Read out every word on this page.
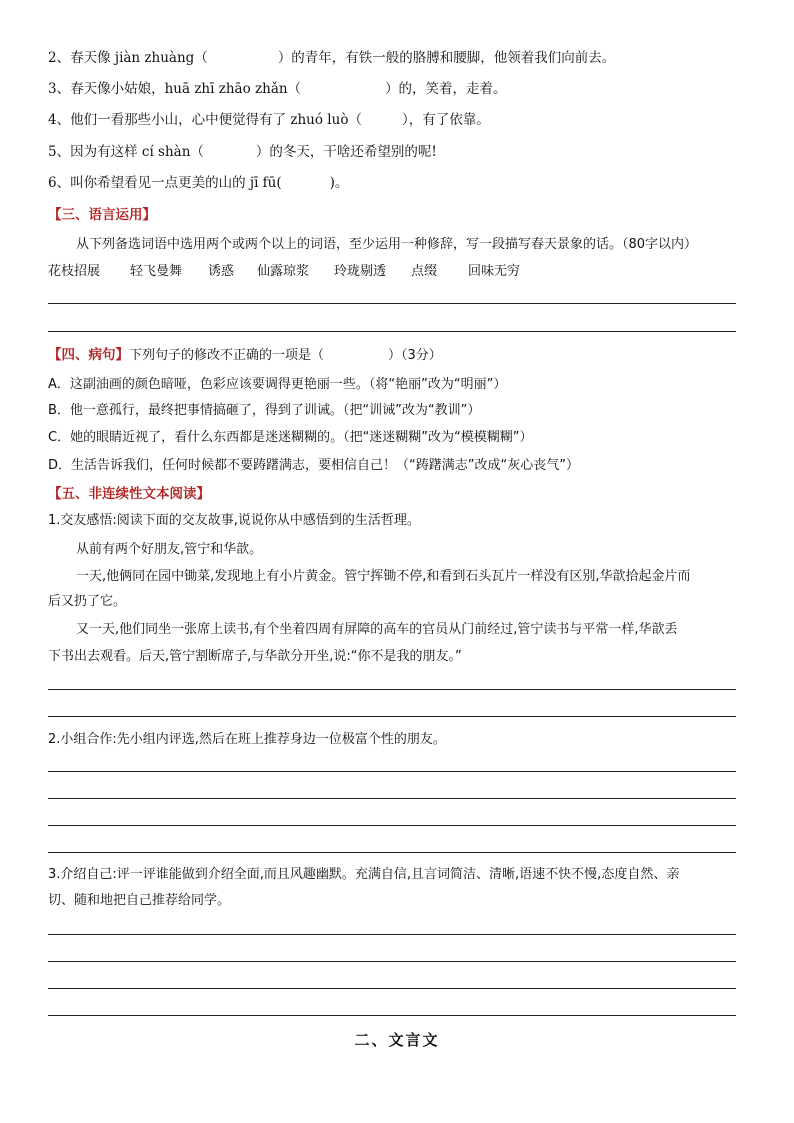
2、春天像 jiàn zhuàng（	）的青年，有铁一般的胳膊和腰脚，他领着我们向前去。
3、春天像小姑娘，huā zhī zhāo zhǎn（	）的，笑着，走着。
4、他们一看那些小山，心中便觉得有了 zhuó luò（	），有了依靠。
5、因为有这样 cí shàn（	）的冬天，干啥还希望别的呢!
6、叫你希望看见一点更美的山的 jī fū(	)。
【三、语言运用】
从下列备选词语中选用两个或两个以上的词语，至少运用一种修辞，写一段描写春天景象的话。（80字以内）
花枝招展 轻飞曼舞 诱惑 仙露琼浆 玲珑剔透 点缀 回味无穷
【四、病句】下列句子的修改不正确的一项是（	）（3分）
A．这副油画的颜色暗哑，色彩应该要调得更艳丽一些。（将“艳丽”改为“明丽”）
B．他一意孤行，最终把事情搞砸了，得到了训诫。（把“训诫”改为“教训”）
C．她的眼睛近视了，看什么东西都是迷迷糊糊的。（把“迷迷糊糊”改为“模模糊糊”）
D．生活告诉我们，任何时候都不要踌躇满志，要相信自己！（“踌躇满志”改成“灰心丧气”）
【五、非连续性文本阅读】
1.交友感悟:阅读下面的交友故事,说说你从中感悟到的生活哲理。
从前有两个好朋友,管宁和华歆。
一天,他俩同在园中锄菜,发现地上有小片黄金。管宁挥锄不停,和看到石头瓦片一样没有区别,华歆拾起金片而
后又扔了它。
又一天,他们同坐一张席上读书,有个坐着四周有屏障的高车的官员从门前经过,管宁读书与平常一样,华歆丢
下书出去观看。后天,管宁割断席子,与华歆分开坐,说:“你不是我的朋友。”
2.小组合作:先小组内评选,然后在班上推荐身边一位极富个性的朋友。
3.介绍自己:评一评谁能做到介绍全面,而且风趣幽默。充满自信,且言词简洁、清晰,语速不快不慢,态度自然、亲
切、随和地把自己推荐给同学。
二、文言文
